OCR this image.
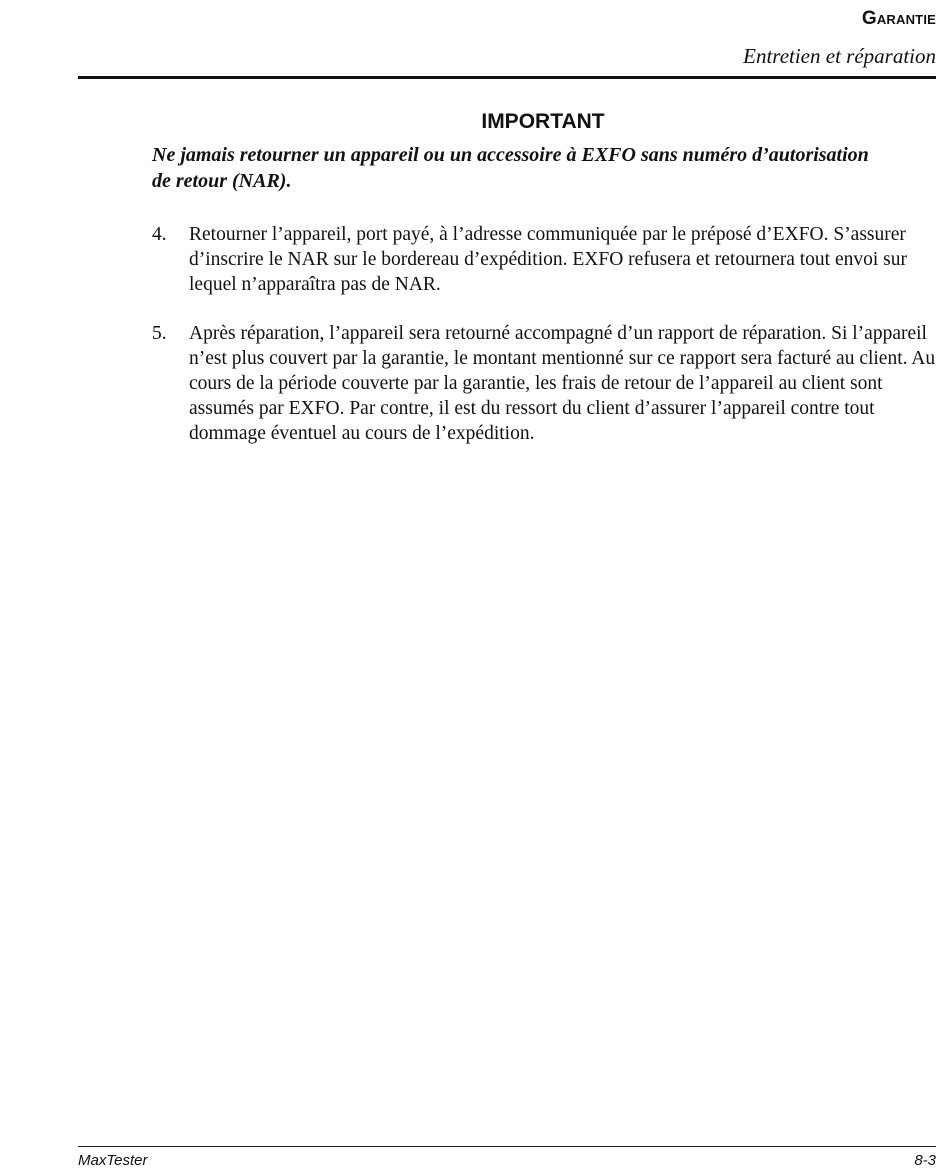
Garantie
Entretien et réparation
IMPORTANT

Ne jamais retourner un appareil ou un accessoire à EXFO sans numéro d’autorisation de retour (NAR).

4.	Retourner l’appareil, port payé, à l’adresse communiquée par le préposé d’EXFO. S’assurer d’inscrire le NAR sur le bordereau d’expédition. EXFO refusera et retournera tout envoi sur lequel n’apparaîtra pas de NAR.

5.	Après réparation, l’appareil sera retourné accompagné d’un rapport de réparation. Si l’appareil n’est plus couvert par la garantie, le montant mentionné sur ce rapport sera facturé au client. Au cours de la période couverte par la garantie, les frais de retour de l’appareil au client sont assumés par EXFO. Par contre, il est du ressort du client d’assurer l’appareil contre tout dommage éventuel au cours de l’expédition.

MaxTester	8-3
